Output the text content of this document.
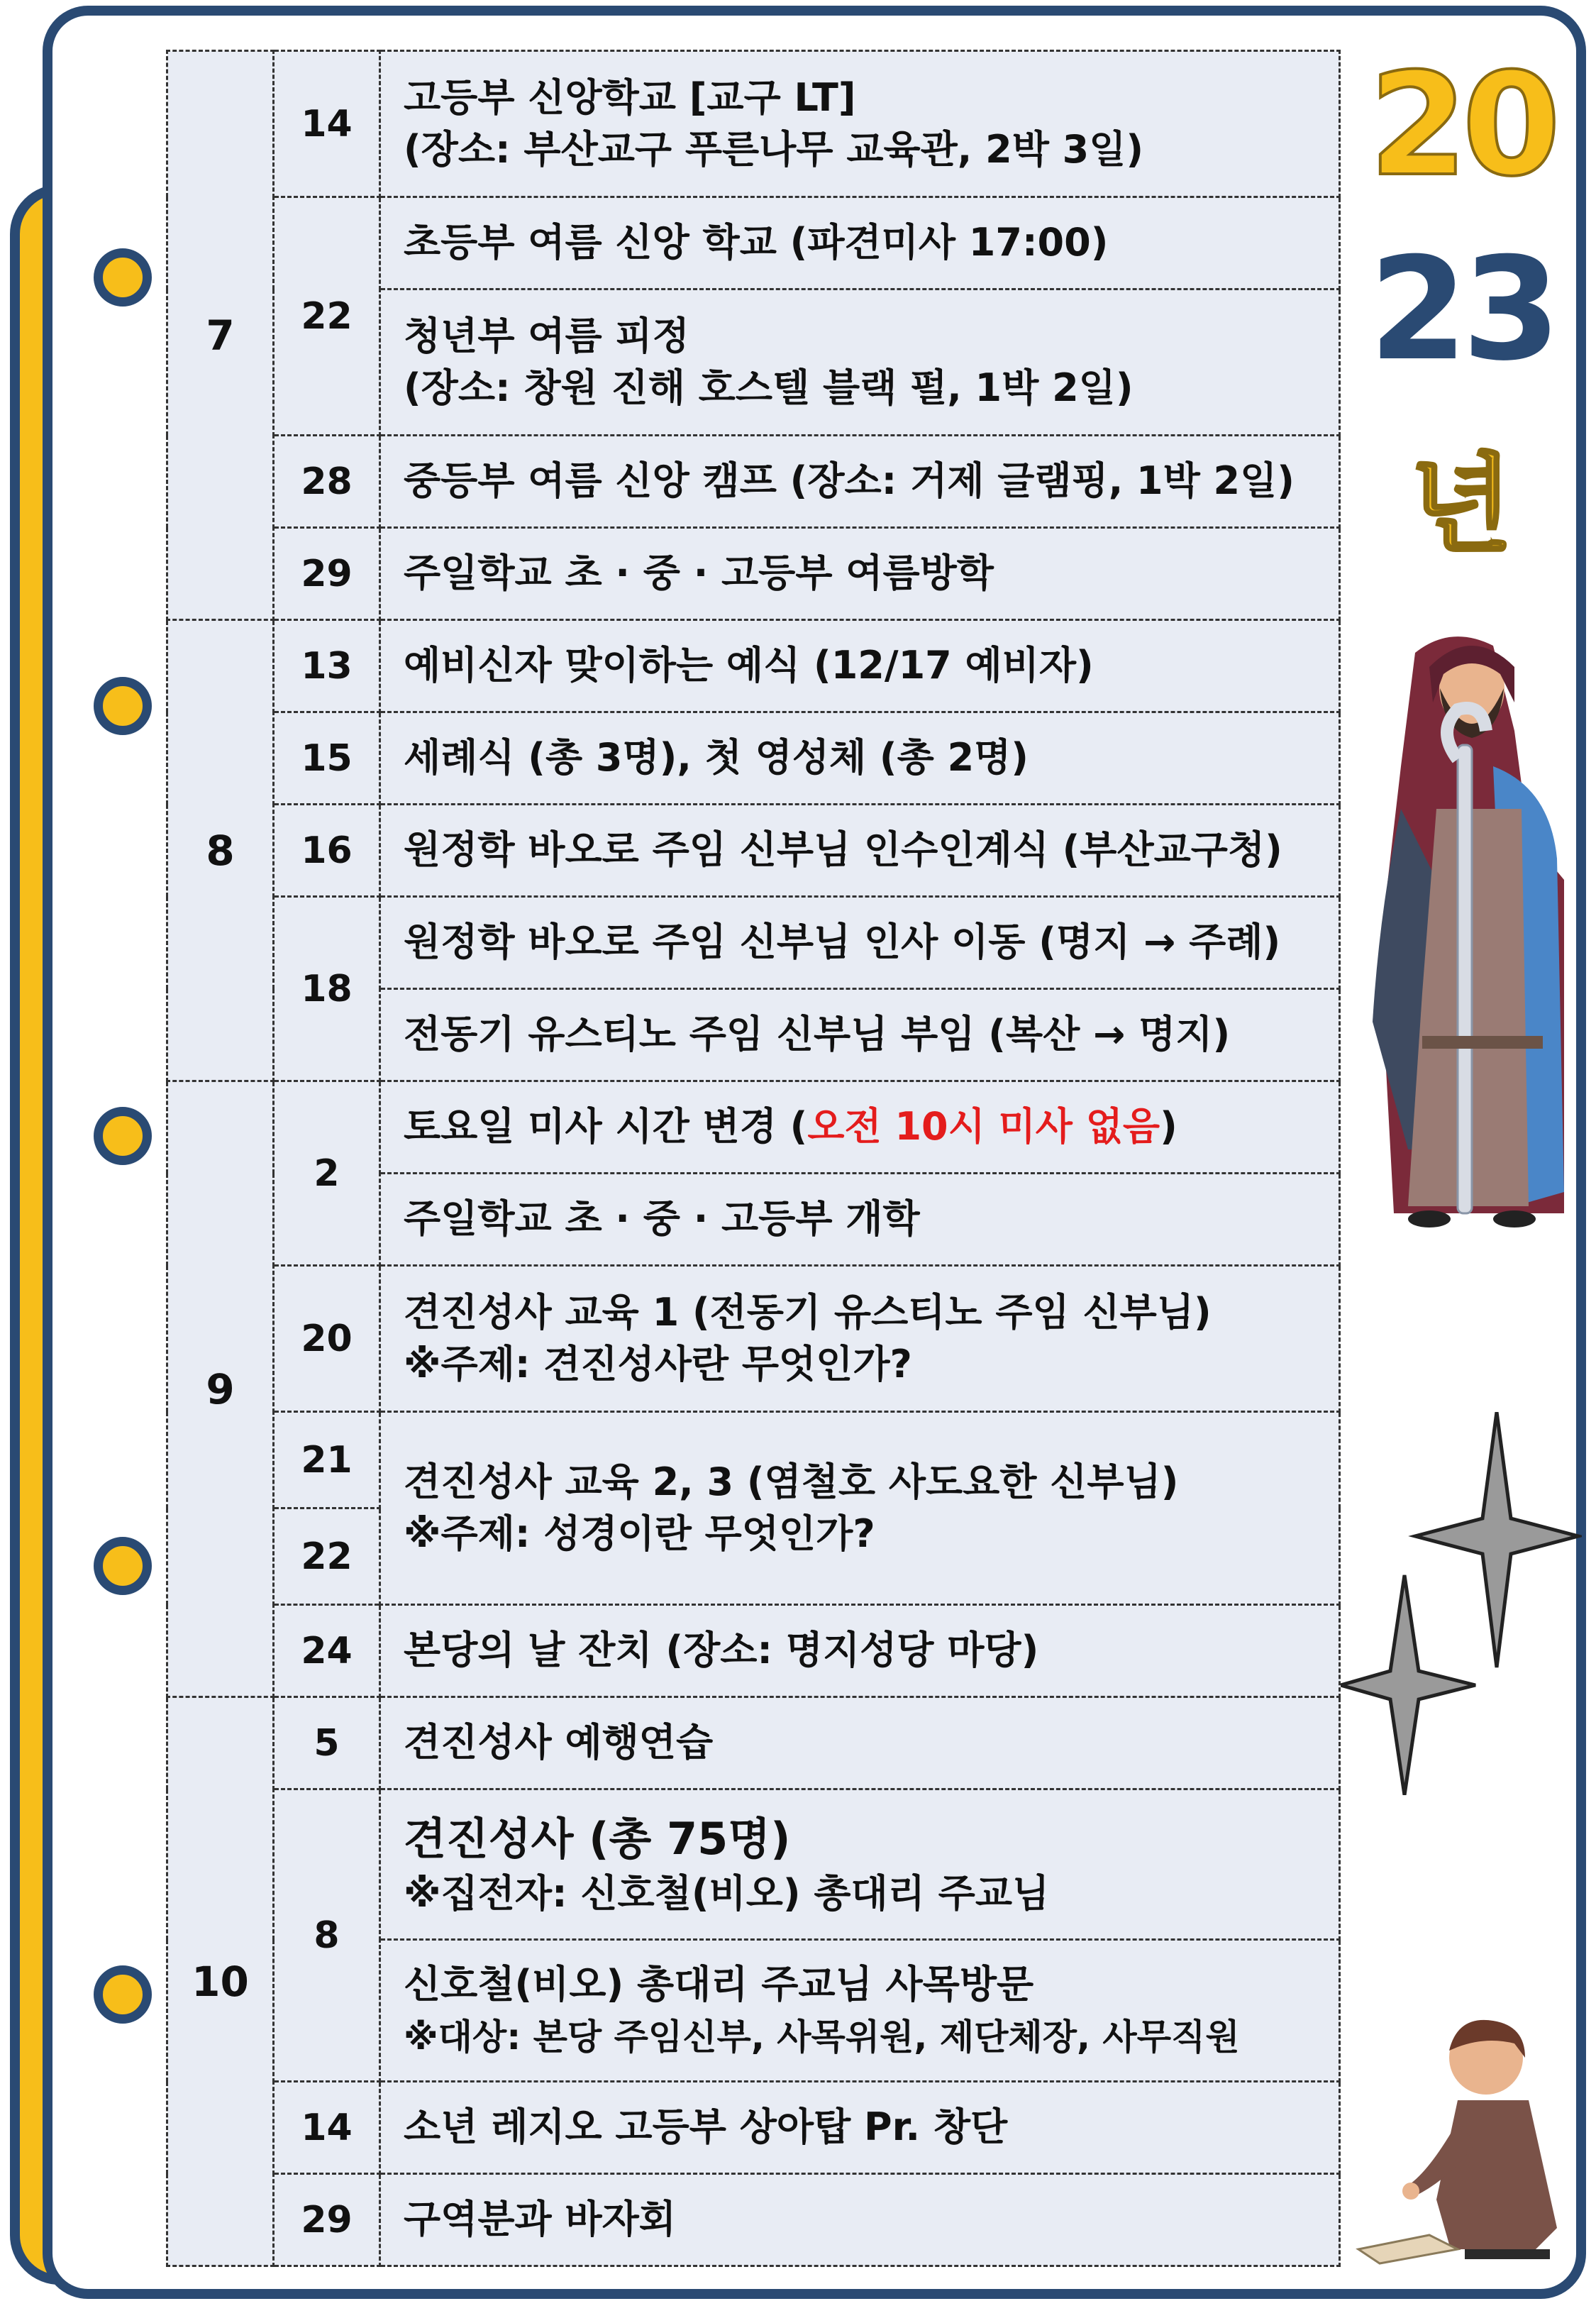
7	14	고등부 신앙학교 [교구 LT]
(장소: 부산교구 푸른나무 교육관, 2박 3일)
	22	초등부 여름 신앙 학교 (파견미사 17:00)
		청년부 여름 피정
(장소: 창원 진해 호스텔 블랙 펄, 1박 2일)
	28	중등부 여름 신앙 캠프 (장소: 거제 글램핑, 1박 2일)
	29	주일학교 초 · 중 · 고등부 여름방학
8	13	예비신자 맞이하는 예식 (12/17 예비자)
	15	세례식 (총 3명), 첫 영성체 (총 2명)
	16	원정학 바오로 주임 신부님 인수인계식 (부산교구청)
	18	원정학 바오로 주임 신부님 인사 이동 (명지 → 주례)
		전동기 유스티노 주임 신부님 부임 (복산 → 명지)
9	2	토요일 미사 시간 변경 (오전 10시 미사 없음)
		주일학교 초 · 중 · 고등부 개학
	20	견진성사 교육 1 (전동기 유스티노 주임 신부님)
※주제: 견진성사란 무엇인가?
	21	견진성사 교육 2, 3 (염철호 사도요한 신부님)
※주제: 성경이란 무엇인가?
	22	
	24	본당의 날 잔치 (장소: 명지성당 마당)
10	5	견진성사 예행연습
	8	견진성사 (총 75명)
※집전자: 신호철(비오) 총대리 주교님
		신호철(비오) 총대리 주교님 사목방문
※대상: 본당 주임신부, 사목위원, 제단체장, 사무직원
	14	소년 레지오 고등부 상아탑 Pr. 창단
	29	구역분과 바자회
20
23
년
